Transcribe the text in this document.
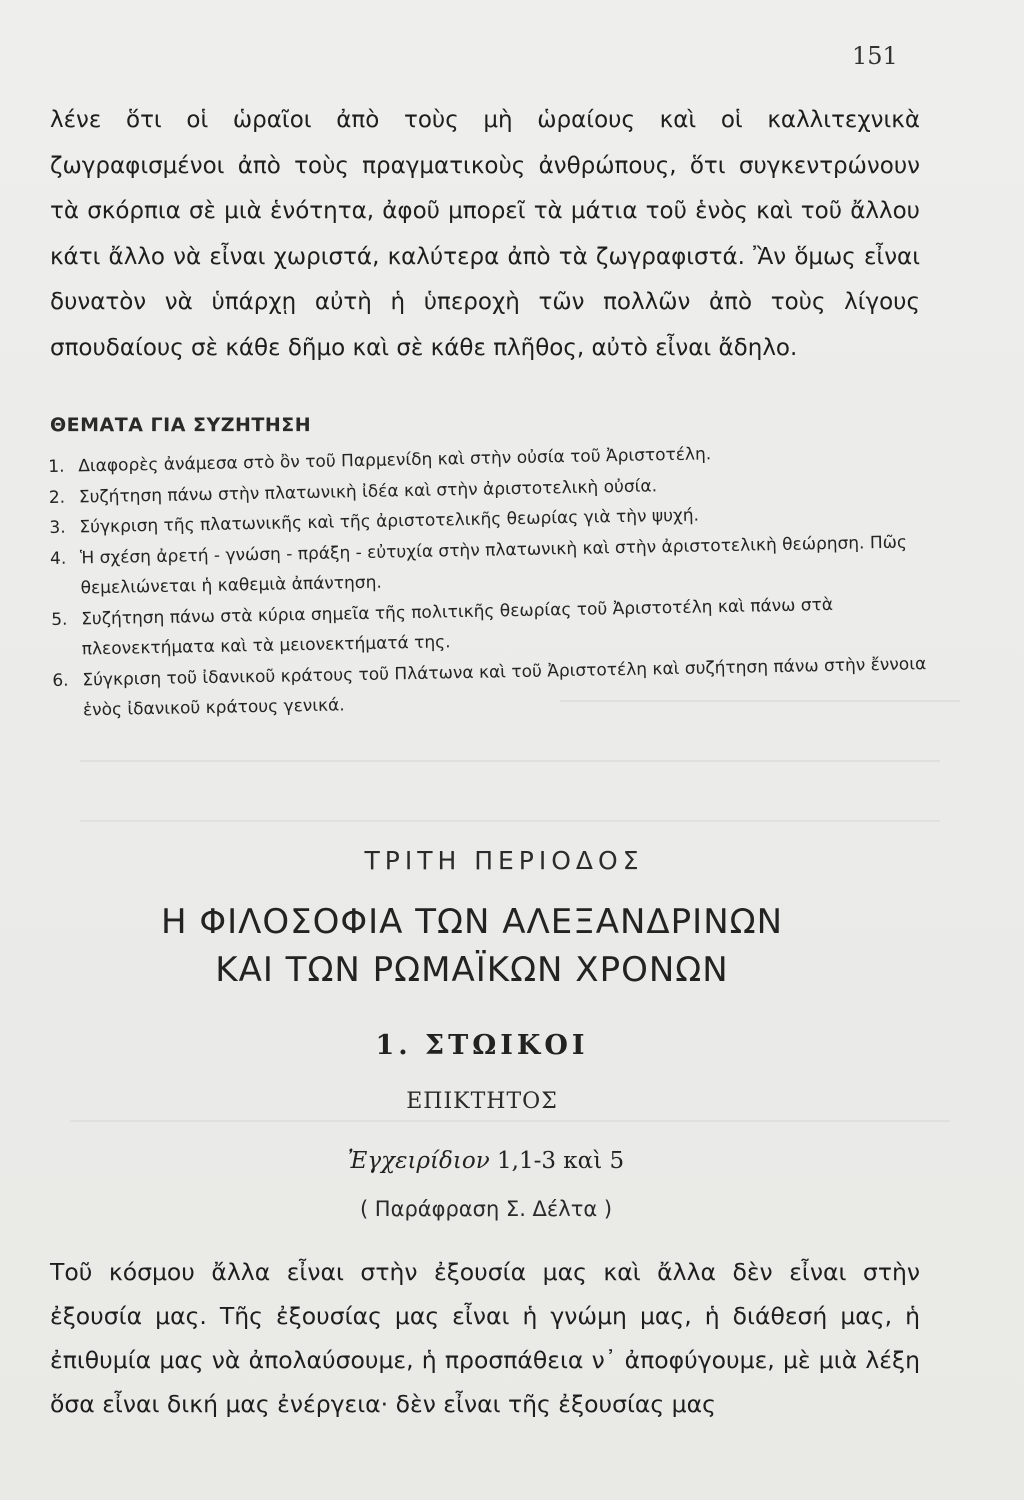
151

λένε ὅτι οἱ ὡραῖοι ἀπὸ τοὺς μὴ ὡραίους καὶ οἱ καλλιτεχνικὰ ζωγραφισμένοι ἀπὸ τοὺς πραγματικοὺς ἀνθρώπους, ὅτι συγκεντρώνουν τὰ σκόρπια σὲ μιὰ ἑνότητα, ἀφοῦ μπορεῖ τὰ μάτια τοῦ ἑνὸς καὶ τοῦ ἄλλου κάτι ἄλλο νὰ εἶναι χωριστά, καλύτερα ἀπὸ τὰ ζωγραφιστά. Ἂν ὅμως εἶναι δυνατὸν νὰ ὑπάρχῃ αὐτὴ ἡ ὑπεροχὴ τῶν πολλῶν ἀπὸ τοὺς λίγους σπουδαίους σὲ κάθε δῆμο καὶ σὲ κάθε πλῆθος, αὐτὸ εἶναι ἄδηλο.

ΘΕΜΑΤΑ ΓΙΑ ΣΥΖΗΤΗΣΗ
1. Διαφορὲς ἀνάμεσα στὸ ὂν τοῦ Παρμενίδη καὶ στὴν οὐσία τοῦ Ἀριστοτέλη.
2. Συζήτηση πάνω στὴν πλατωνικὴ ἰδέα καὶ στὴν ἀριστοτελικὴ οὐσία.
3. Σύγκριση τῆς πλατωνικῆς καὶ τῆς ἀριστοτελικῆς θεωρίας γιὰ τὴν ψυχή.
4. Ἡ σχέση ἀρετή - γνώση - πράξη - εὐτυχία στὴν πλατωνικὴ καὶ στὴν ἀριστοτελικὴ θεώρηση. Πῶς θεμελιώνεται ἡ καθεμιὰ ἀπάντηση.
5. Συζήτηση πάνω στὰ κύρια σημεῖα τῆς πολιτικῆς θεωρίας τοῦ Ἀριστοτέλη καὶ πάνω στὰ πλεονεκτήματα καὶ τὰ μειονεκτήματά της.
6. Σύγκριση τοῦ ἰδανικοῦ κράτους τοῦ Πλάτωνα καὶ τοῦ Ἀριστοτέλη καὶ συζήτηση πάνω στὴν ἔννοια ἑνὸς ἰδανικοῦ κράτους γενικά.
ΤΡΙΤΗ ΠΕΡΙΟΔΟΣ
Η ΦΙΛΟΣΟΦΙΑ ΤΩΝ ΑΛΕΞΑΝΔΡΙΝΩΝ
ΚΑΙ ΤΩΝ ΡΩΜΑΪΚΩΝ ΧΡΟΝΩΝ
1. ΣΤΩΙΚΟΙ
ΕΠΙΚΤΗΤΟΣ
Ἐγχειρίδιον 1,1-3 καὶ 5
( Παράφραση Σ. Δέλτα )

Τοῦ κόσμου ἄλλα εἶναι στὴν ἐξουσία μας καὶ ἄλλα δὲν εἶναι στὴν ἐξουσία μας. Τῆς ἐξουσίας μας εἶναι ἡ γνώμη μας, ἡ διάθεσή μας, ἡ ἐπιθυμία μας νὰ ἀπολαύσουμε, ἡ προσπάθεια ν᾽ ἀποφύγουμε, μὲ μιὰ λέξη ὅσα εἶναι δική μας ἐνέργεια· δὲν εἶναι τῆς ἐξουσίας μας
